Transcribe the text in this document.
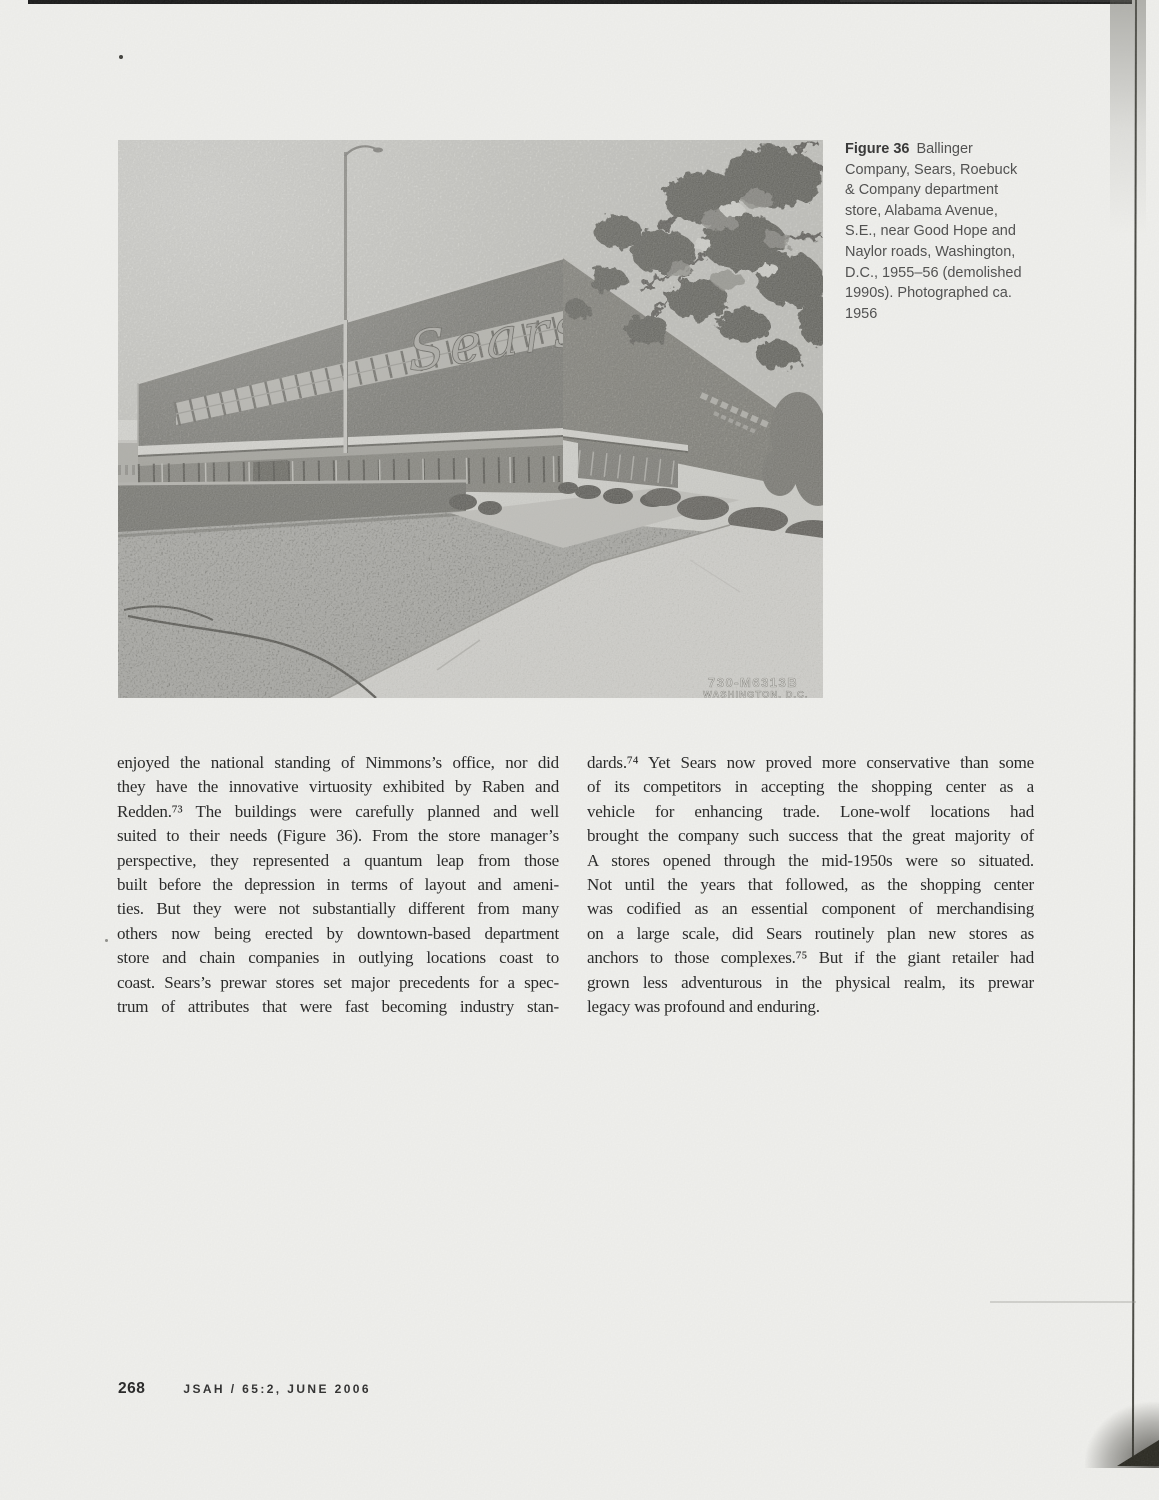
Figure 36 Ballinger
Company, Sears, Roebuck
& Company department
store, Alabama Avenue,
S.E., near Good Hope and
Naylor roads, Washington,
D.C., 1955–56 (demolished
1990s). Photographed ca.
1956
enjoyed the national standing of Nimmons’s office, nor did
they have the innovative virtuosity exhibited by Raben and
Redden.⁷³ The buildings were carefully planned and well
suited to their needs (Figure 36). From the store manager’s
perspective, they represented a quantum leap from those
built before the depression in terms of layout and ameni-
ties. But they were not substantially different from many
others now being erected by downtown-based department
store and chain companies in outlying locations coast to
coast. Sears’s prewar stores set major precedents for a spec-
trum of attributes that were fast becoming industry stan-
dards.⁷⁴ Yet Sears now proved more conservative than some
of its competitors in accepting the shopping center as a
vehicle for enhancing trade. Lone-wolf locations had
brought the company such success that the great majority of
A stores opened through the mid-1950s were so situated.
Not until the years that followed, as the shopping center
was codified as an essential component of merchandising
on a large scale, did Sears routinely plan new stores as
anchors to those complexes.⁷⁵ But if the giant retailer had
grown less adventurous in the physical realm, its prewar
legacy was profound and enduring.
268	JSAH / 65:2, JUNE 2006
